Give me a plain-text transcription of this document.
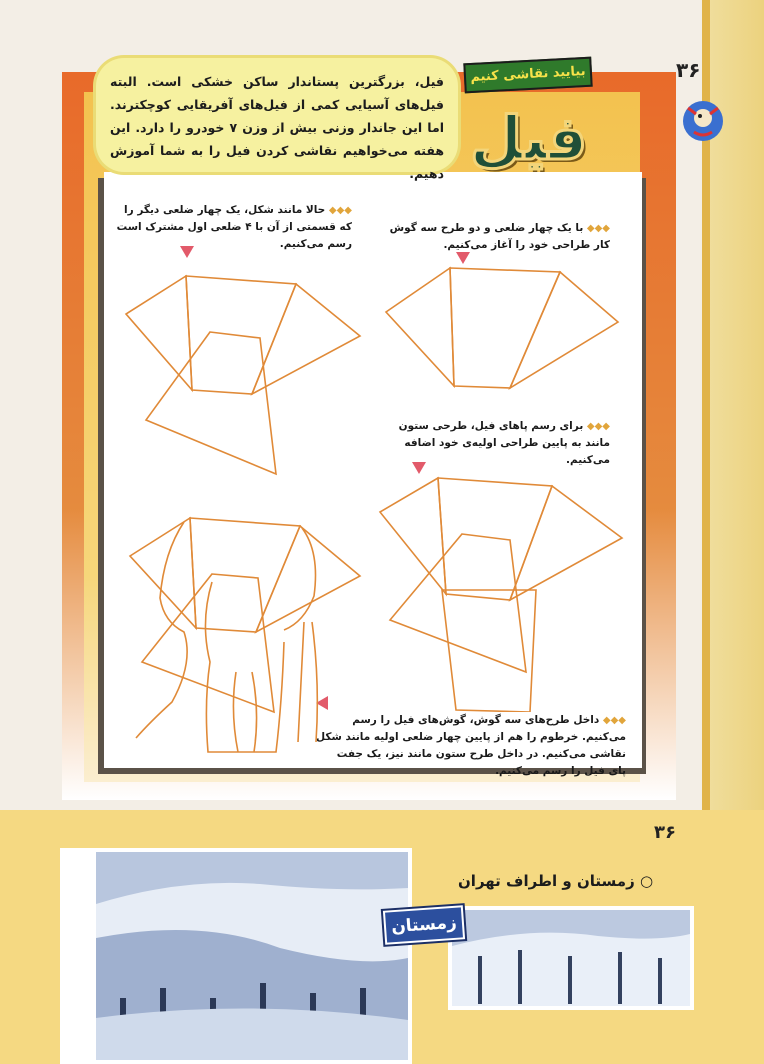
۳۶
فیل، بزرگترین پستاندار ساکن خشکی است. البته فیل‌های آسیایی کمی از فیل‌های آفریقایی کوچکترند. اما این جاندار وزنی بیش از وزن ۷ خودرو را دارد. این هفته می‌خواهیم نقاشی کردن فیل را به شما آموزش دهیم.
بیایید نقاشی کنیم
فیل
◆◆◆ با یک چهار ضلعی و دو طرح سه گوش کار طراحی خود را آغاز می‌کنیم.
◆◆◆ حالا مانند شکل، یک چهار ضلعی دیگر را که قسمتی از آن با ۴ ضلعی اول مشترک است رسم می‌کنیم.
◆◆◆ برای رسم پاهای فیل، طرحی ستون مانند به پایین طراحی اولیه‌ی خود اضافه می‌کنیم.
◆◆◆ داخل طرح‌های سه گوش، گوش‌های فیل را رسم می‌کنیم. خرطوم را هم از پایین چهار ضلعی اولیه مانند شکل نقاشی می‌کنیم. در داخل طرح ستون مانند نیز، یک جفت پای فیل را رسم می‌کنیم.
۳۶
○ زمستان و اطراف تهران
زمستان
